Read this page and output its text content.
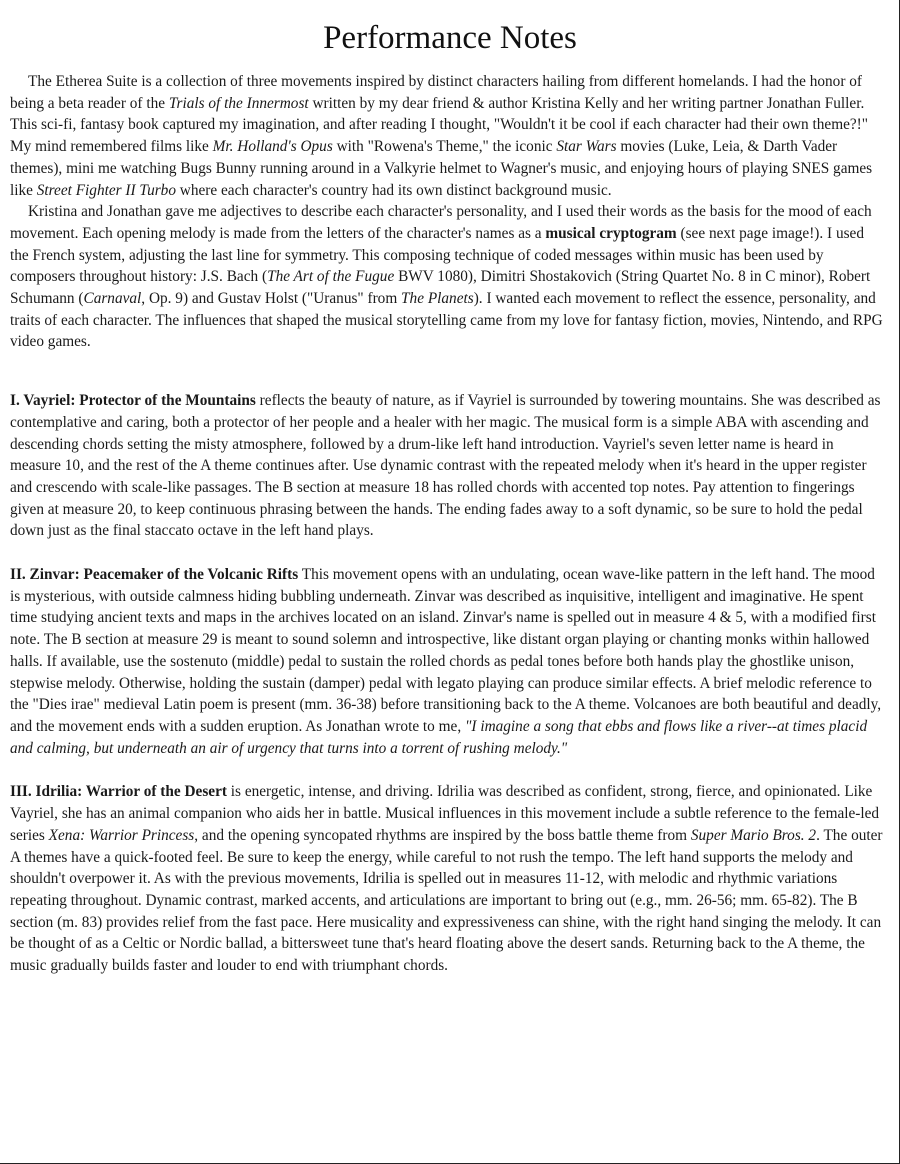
Performance Notes

The Etherea Suite is a collection of three movements inspired by distinct characters hailing from different homelands. I had the honor of being a beta reader of the Trials of the Innermost written by my dear friend & author Kristina Kelly and her writing partner Jonathan Fuller. This sci-fi, fantasy book captured my imagination, and after reading I thought, "Wouldn't it be cool if each character had their own theme?!" My mind remembered films like Mr. Holland's Opus with "Rowena's Theme," the iconic Star Wars movies (Luke, Leia, & Darth Vader themes), mini me watching Bugs Bunny running around in a Valkyrie helmet to Wagner's music, and enjoying hours of playing SNES games like Street Fighter II Turbo where each character's country had its own distinct background music.

Kristina and Jonathan gave me adjectives to describe each character's personality, and I used their words as the basis for the mood of each movement. Each opening melody is made from the letters of the character's names as a musical cryptogram (see next page image!). I used the French system, adjusting the last line for symmetry. This composing technique of coded messages within music has been used by composers throughout history: J.S. Bach (The Art of the Fugue BWV 1080), Dimitri Shostakovich (String Quartet No. 8 in C minor), Robert Schumann (Carnaval, Op. 9) and Gustav Holst ("Uranus" from The Planets). I wanted each movement to reflect the essence, personality, and traits of each character. The influences that shaped the musical storytelling came from my love for fantasy fiction, movies, Nintendo, and RPG video games.

I. Vayriel: Protector of the Mountains reflects the beauty of nature, as if Vayriel is surrounded by towering mountains. She was described as contemplative and caring, both a protector of her people and a healer with her magic. The musical form is a simple ABA with ascending and descending chords setting the misty atmosphere, followed by a drum-like left hand introduction. Vayriel's seven letter name is heard in measure 10, and the rest of the A theme continues after. Use dynamic contrast with the repeated melody when it's heard in the upper register and crescendo with scale-like passages. The B section at measure 18 has rolled chords with accented top notes. Pay attention to fingerings given at measure 20, to keep continuous phrasing between the hands. The ending fades away to a soft dynamic, so be sure to hold the pedal down just as the final staccato octave in the left hand plays.

II. Zinvar: Peacemaker of the Volcanic Rifts This movement opens with an undulating, ocean wave-like pattern in the left hand. The mood is mysterious, with outside calmness hiding bubbling underneath. Zinvar was described as inquisitive, intelligent and imaginative. He spent time studying ancient texts and maps in the archives located on an island. Zinvar's name is spelled out in measure 4 & 5, with a modified first note. The B section at measure 29 is meant to sound solemn and introspective, like distant organ playing or chanting monks within hallowed halls. If available, use the sostenuto (middle) pedal to sustain the rolled chords as pedal tones before both hands play the ghostlike unison, stepwise melody. Otherwise, holding the sustain (damper) pedal with legato playing can produce similar effects. A brief melodic reference to the "Dies irae" medieval Latin poem is present (mm. 36-38) before transitioning back to the A theme. Volcanoes are both beautiful and deadly, and the movement ends with a sudden eruption. As Jonathan wrote to me, "I imagine a song that ebbs and flows like a river--at times placid and calming, but underneath an air of urgency that turns into a torrent of rushing melody."

III. Idrilia: Warrior of the Desert is energetic, intense, and driving. Idrilia was described as confident, strong, fierce, and opinionated. Like Vayriel, she has an animal companion who aids her in battle. Musical influences in this movement include a subtle reference to the female-led series Xena: Warrior Princess, and the opening syncopated rhythms are inspired by the boss battle theme from Super Mario Bros. 2. The outer A themes have a quick-footed feel. Be sure to keep the energy, while careful to not rush the tempo. The left hand supports the melody and shouldn't overpower it. As with the previous movements, Idrilia is spelled out in measures 11-12, with melodic and rhythmic variations repeating throughout. Dynamic contrast, marked accents, and articulations are important to bring out (e.g., mm. 26-56; mm. 65-82). The B section (m. 83) provides relief from the fast pace. Here musicality and expressiveness can shine, with the right hand singing the melody. It can be thought of as a Celtic or Nordic ballad, a bittersweet tune that's heard floating above the desert sands. Returning back to the A theme, the music gradually builds faster and louder to end with triumphant chords.
